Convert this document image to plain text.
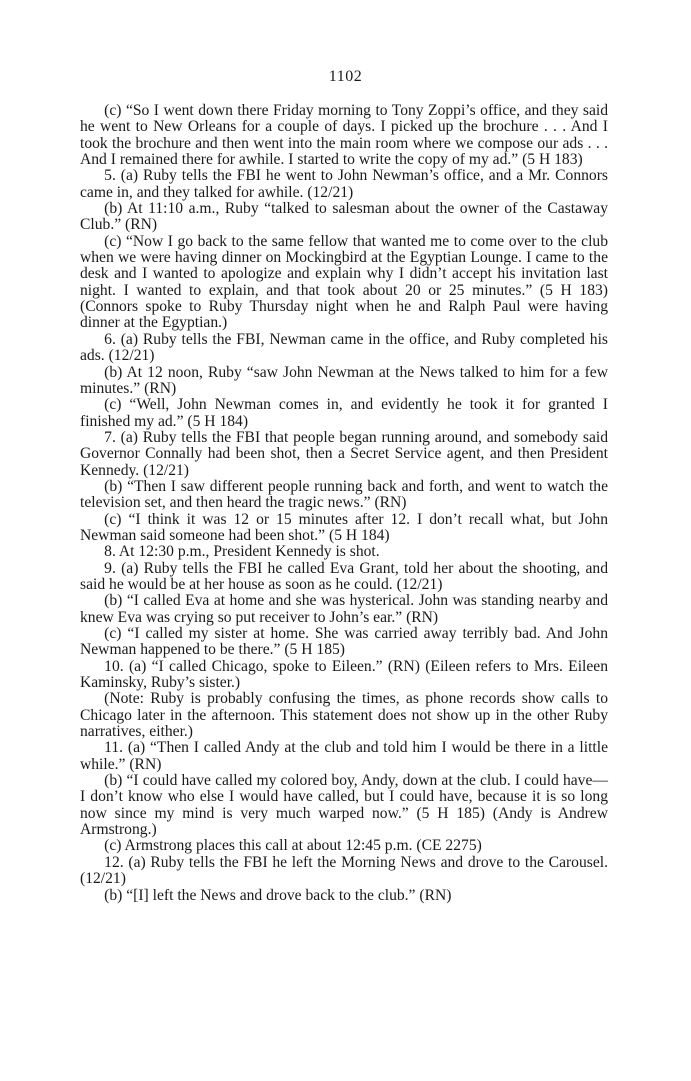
1102

(c) “So I went down there Friday morning to Tony Zoppi’s office, and they said he went to New Orleans for a couple of days. I picked up the brochure . . . And I took the brochure and then went into the main room where we compose our ads . . . And I remained there for awhile. I started to write the copy of my ad.” (5 H 183)

5. (a) Ruby tells the FBI he went to John Newman’s office, and a Mr. Connors came in, and they talked for awhile. (12/21)

(b) At 11:10 a.m., Ruby “talked to salesman about the owner of the Castaway Club.” (RN)

(c) “Now I go back to the same fellow that wanted me to come over to the club when we were having dinner on Mockingbird at the Egyptian Lounge. I came to the desk and I wanted to apologize and explain why I didn’t accept his invitation last night. I wanted to explain, and that took about 20 or 25 minutes.” (5 H 183) (Connors spoke to Ruby Thursday night when he and Ralph Paul were having dinner at the Egyptian.)

6. (a) Ruby tells the FBI, Newman came in the office, and Ruby completed his ads. (12/21)

(b) At 12 noon, Ruby “saw John Newman at the News talked to him for a few minutes.” (RN)

(c) “Well, John Newman comes in, and evidently he took it for granted I finished my ad.” (5 H 184)

7. (a) Ruby tells the FBI that people began running around, and somebody said Governor Connally had been shot, then a Secret Service agent, and then President Kennedy. (12/21)

(b) “Then I saw different people running back and forth, and went to watch the television set, and then heard the tragic news.” (RN)

(c) “I think it was 12 or 15 minutes after 12. I don’t recall what, but John Newman said someone had been shot.” (5 H 184)

8. At 12:30 p.m., President Kennedy is shot.

9. (a) Ruby tells the FBI he called Eva Grant, told her about the shooting, and said he would be at her house as soon as he could. (12/21)

(b) “I called Eva at home and she was hysterical. John was standing nearby and knew Eva was crying so put receiver to John’s ear.” (RN)

(c) “I called my sister at home. She was carried away terribly bad. And John Newman happened to be there.” (5 H 185)

10. (a) “I called Chicago, spoke to Eileen.” (RN) (Eileen refers to Mrs. Eileen Kaminsky, Ruby’s sister.)

(Note: Ruby is probably confusing the times, as phone records show calls to Chicago later in the afternoon. This statement does not show up in the other Ruby narratives, either.)

11. (a) “Then I called Andy at the club and told him I would be there in a little while.” (RN)

(b) “I could have called my colored boy, Andy, down at the club. I could have—I don’t know who else I would have called, but I could have, because it is so long now since my mind is very much warped now.” (5 H 185) (Andy is Andrew Armstrong.)

(c) Armstrong places this call at about 12:45 p.m. (CE 2275)

12. (a) Ruby tells the FBI he left the Morning News and drove to the Carousel. (12/21)

(b) “[I] left the News and drove back to the club.” (RN)
